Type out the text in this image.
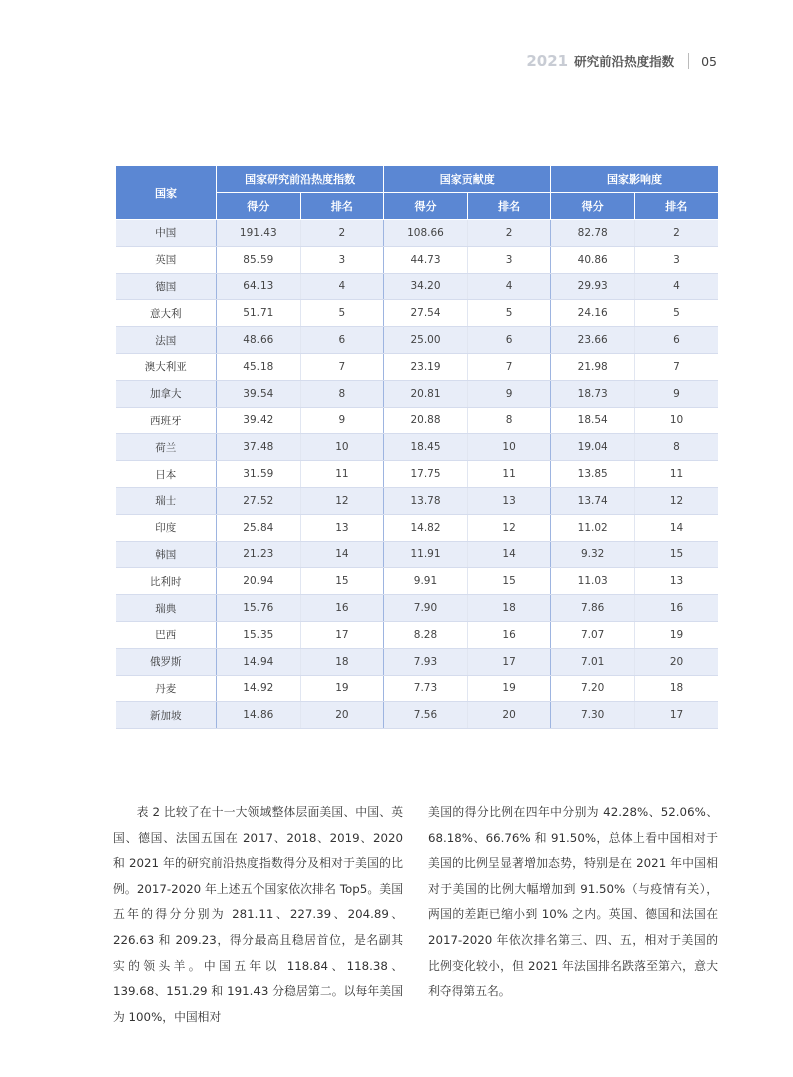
2021 研究前沿热度指数 05
国家	国家研究前沿热度指数		国家贡献度		国家影响度	
	得分	排名	得分	排名	得分	排名
中国	191.43	2	108.66	2	82.78	2
英国	85.59	3	44.73	3	40.86	3
德国	64.13	4	34.20	4	29.93	4
意大利	51.71	5	27.54	5	24.16	5
法国	48.66	6	25.00	6	23.66	6
澳大利亚	45.18	7	23.19	7	21.98	7
加拿大	39.54	8	20.81	9	18.73	9
西班牙	39.42	9	20.88	8	18.54	10
荷兰	37.48	10	18.45	10	19.04	8
日本	31.59	11	17.75	11	13.85	11
瑞士	27.52	12	13.78	13	13.74	12
印度	25.84	13	14.82	12	11.02	14
韩国	21.23	14	11.91	14	9.32	15
比利时	20.94	15	9.91	15	11.03	13
瑞典	15.76	16	7.90	18	7.86	16
巴西	15.35	17	8.28	16	7.07	19
俄罗斯	14.94	18	7.93	17	7.01	20
丹麦	14.92	19	7.73	19	7.20	18
新加坡	14.86	20	7.56	20	7.30	17
表 2 比较了在十一大领域整体层面美国、中国、英国、德国、法国五国在 2017、2018、2019、2020 和 2021 年的研究前沿热度指数得分及相对于美国的比例。2017-2020 年上述五个国家依次排名 Top5。美国五年的得分分别为 281.11、227.39、204.89、226.63 和 209.23，得分最高且稳居首位，是名副其实的领头羊。中国五年以 118.84、118.38、139.68、151.29 和 191.43 分稳居第二。以每年美国为 100%，中国相对
美国的得分比例在四年中分别为 42.28%、52.06%、68.18%、66.76% 和 91.50%，总体上看中国相对于美国的比例呈显著增加态势，特别是在 2021 年中国相对于美国的比例大幅增加到 91.50%（与疫情有关），两国的差距已缩小到 10% 之内。英国、德国和法国在 2017-2020 年依次排名第三、四、五，相对于美国的比例变化较小，但 2021 年法国排名跌落至第六，意大利夺得第五名。
